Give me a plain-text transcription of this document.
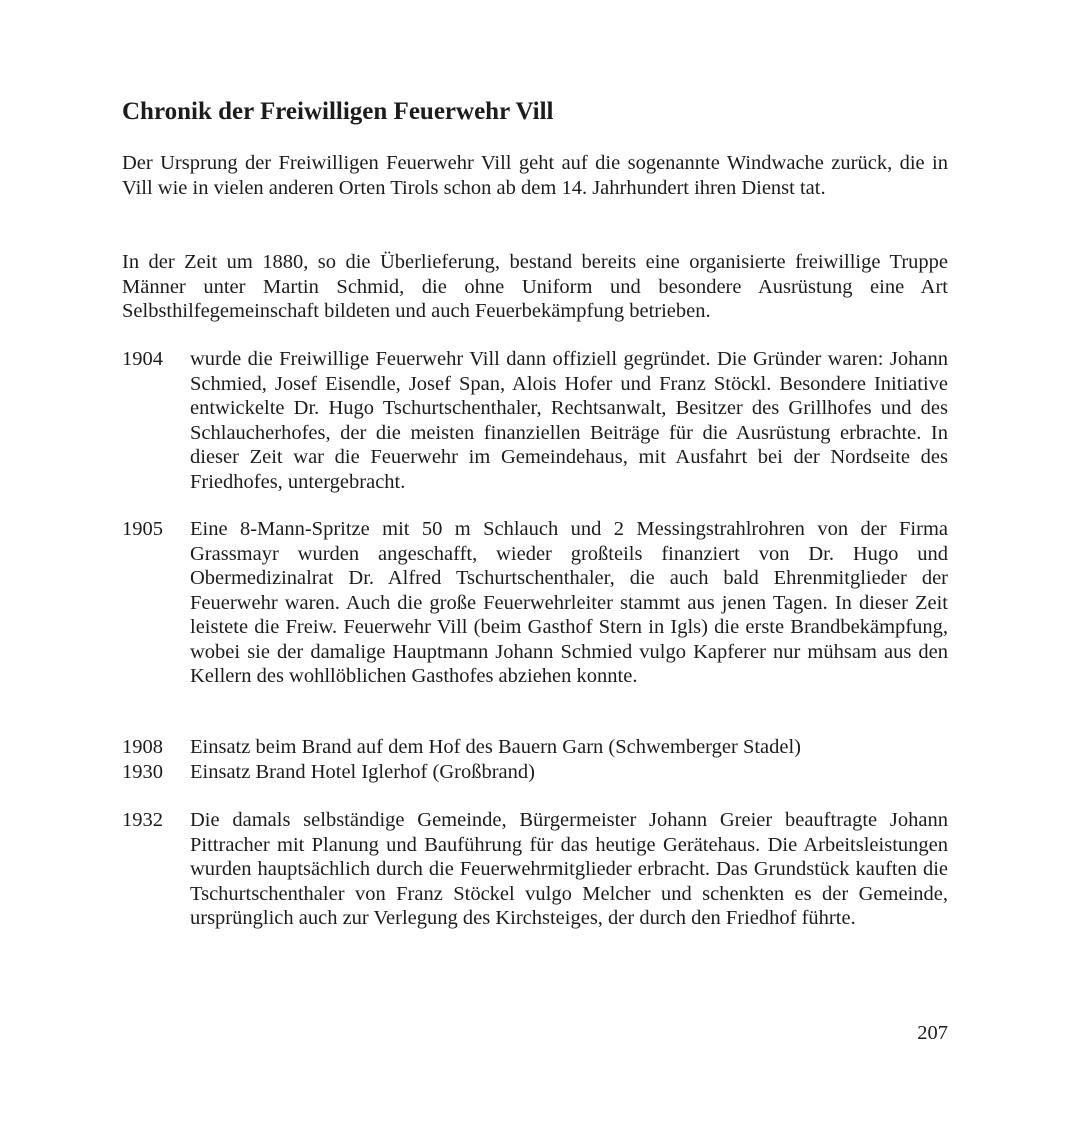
Chronik der Freiwilligen Feuerwehr Vill

Der Ursprung der Freiwilligen Feuerwehr Vill geht auf die sogenannte Windwache zurück, die in Vill wie in vielen anderen Orten Tirols schon ab dem 14. Jahrhundert ihren Dienst tat.

In der Zeit um 1880, so die Überlieferung, bestand bereits eine organisierte freiwillige Truppe Männer unter Martin Schmid, die ohne Uniform und besondere Ausrüstung eine Art Selbsthilfegemeinschaft bildeten und auch Feuerbekämpfung betrieben.

1904	wurde die Freiwillige Feuerwehr Vill dann offiziell gegründet. Die Gründer waren: Johann Schmied, Josef Eisendle, Josef Span, Alois Hofer und Franz Stöckl. Besondere Initiative entwickelte Dr. Hugo Tschurtschenthaler, Rechtsanwalt, Besitzer des Grillhofes und des Schlaucherhofes, der die meisten finanziellen Beiträge für die Ausrüstung erbrachte. In dieser Zeit war die Feuerwehr im Gemeindehaus, mit Ausfahrt bei der Nordseite des Friedhofes, untergebracht.
1905	Eine 8-Mann-Spritze mit 50 m Schlauch und 2 Messingstrahlrohren von der Firma Grassmayr wurden angeschafft, wieder großteils finanziert von Dr. Hugo und Obermedizinalrat Dr. Alfred Tschurtschenthaler, die auch bald Ehrenmitglieder der Feuerwehr waren. Auch die große Feuerwehrleiter stammt aus jenen Tagen. In dieser Zeit leistete die Freiw. Feuerwehr Vill (beim Gasthof Stern in Igls) die erste Brandbekämpfung, wobei sie der damalige Hauptmann Johann Schmied vulgo Kapferer nur mühsam aus den Kellern des wohllöblichen Gasthofes abziehen konnte.
1908	Einsatz beim Brand auf dem Hof des Bauern Garn (Schwemberger Stadel)
1930	Einsatz Brand Hotel Iglerhof (Großbrand)
1932	Die damals selbständige Gemeinde, Bürgermeister Johann Greier beauftragte Johann Pittracher mit Planung und Bauführung für das heutige Gerätehaus. Die Arbeitsleistungen wurden hauptsächlich durch die Feuerwehrmitglieder erbracht. Das Grundstück kauften die Tschurtschenthaler von Franz Stöckel vulgo Melcher und schenkten es der Gemeinde, ursprünglich auch zur Verlegung des Kirchsteiges, der durch den Friedhof führte.
207
